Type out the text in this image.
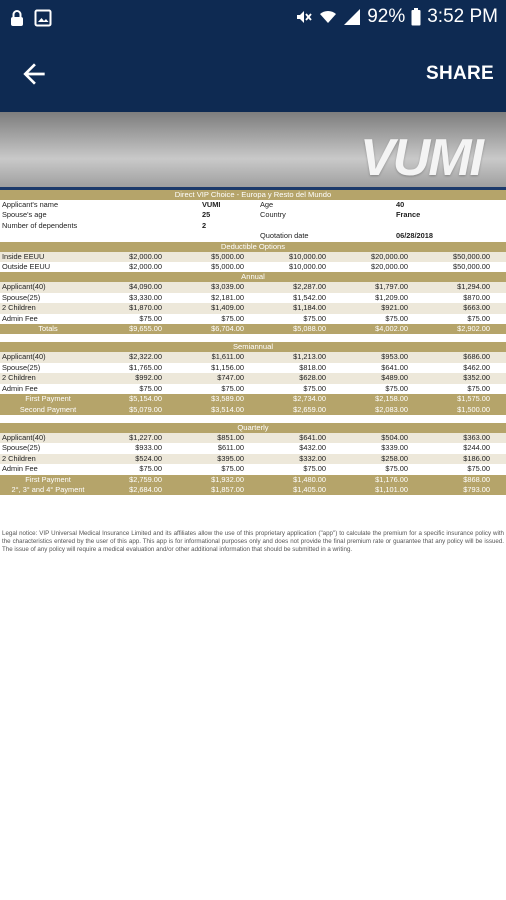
92% 3:52 PM
SHARE
VUMI
Direct VIP Choice - Europa y Resto del Mundo
Applicant's name	VUMI	Age	40
Spouse's age	25	Country	France
Number of dependents	2		
		Quotation date	06/28/2018
Deductible Options
Inside EEUU	$2,000.00	$5,000.00	$10,000.00	$20,000.00	$50,000.00
Outside EEUU	$2,000.00	$5,000.00	$10,000.00	$20,000.00	$50,000.00
Annual
Applicant(40)	$4,090.00	$3,039.00	$2,287.00	$1,797.00	$1,294.00
Spouse(25)	$3,330.00	$2,181.00	$1,542.00	$1,209.00	$870.00
2 Children	$1,870.00	$1,409.00	$1,184.00	$921.00	$663.00
Admin Fee	$75.00	$75.00	$75.00	$75.00	$75.00
Totals	$9,655.00	$6,704.00	$5,088.00	$4,002.00	$2,902.00
Semiannual
Applicant(40)	$2,322.00	$1,611.00	$1,213.00	$953.00	$686.00
Spouse(25)	$1,765.00	$1,156.00	$818.00	$641.00	$462.00
2 Children	$992.00	$747.00	$628.00	$489.00	$352.00
Admin Fee	$75.00	$75.00	$75.00	$75.00	$75.00
First Payment	$5,154.00	$3,589.00	$2,734.00	$2,158.00	$1,575.00
Second Payment	$5,079.00	$3,514.00	$2,659.00	$2,083.00	$1,500.00
Quarterly
Applicant(40)	$1,227.00	$851.00	$641.00	$504.00	$363.00
Spouse(25)	$933.00	$611.00	$432.00	$339.00	$244.00
2 Children	$524.00	$395.00	$332.00	$258.00	$186.00
Admin Fee	$75.00	$75.00	$75.00	$75.00	$75.00
First Payment	$2,759.00	$1,932.00	$1,480.00	$1,176.00	$868.00
2°, 3° and 4° Payment	$2,684.00	$1,857.00	$1,405.00	$1,101.00	$793.00
Legal notice: VIP Universal Medical Insurance Limited and its affiliates allow the use of this proprietary application ("app") to calculate the premium for a specific insurance policy with the characteristics entered by the user of this app. This app is for informational purposes only and does not provide the final premium rate or guarantee that any policy will be issued. The issue of any policy will require a medical evaluation and/or other additional information that should be submitted in a writing.
